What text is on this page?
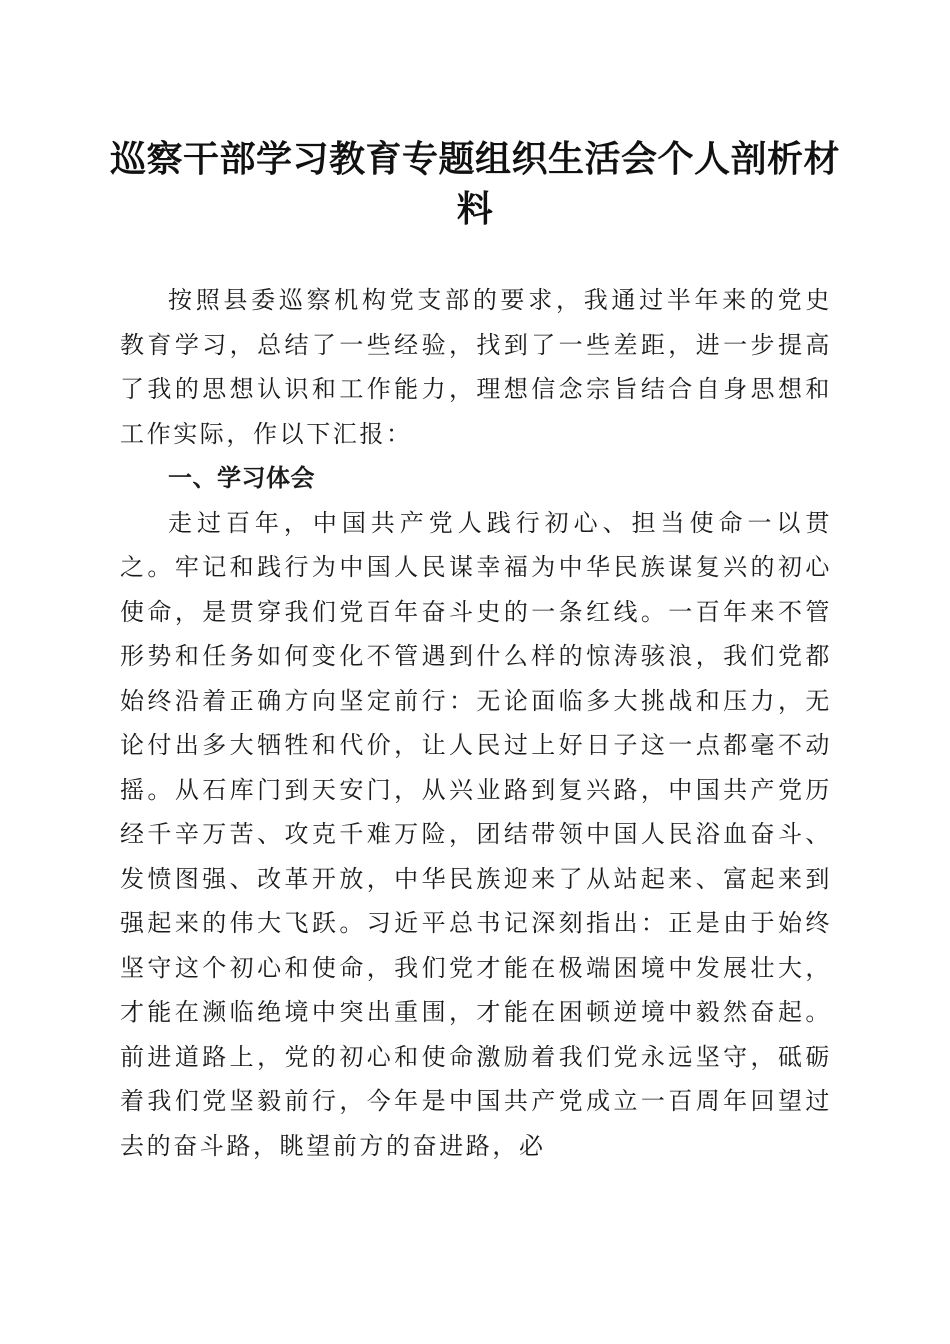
巡察干部学习教育专题组织生活会个人剖析材料

按照县委巡察机构党支部的要求，我通过半年来的党史教育学习，总结了一些经验，找到了一些差距，进一步提高了我的思想认识和工作能力，理想信念宗旨结合自身思想和工作实际，作以下汇报：

一、学习体会

走过百年，中国共产党人践行初心、担当使命一以贯之。牢记和践行为中国人民谋幸福为中华民族谋复兴的初心使命，是贯穿我们党百年奋斗史的一条红线。一百年来不管形势和任务如何变化不管遇到什么样的惊涛骇浪，我们党都始终沿着正确方向坚定前行：无论面临多大挑战和压力，无论付出多大牺牲和代价，让人民过上好日子这一点都毫不动摇。从石库门到天安门，从兴业路到复兴路，中国共产党历经千辛万苦、攻克千难万险，团结带领中国人民浴血奋斗、发愤图强、改革开放，中华民族迎来了从站起来、富起来到强起来的伟大飞跃。习近平总书记深刻指出：正是由于始终坚守这个初心和使命，我们党才能在极端困境中发展壮大，才能在濒临绝境中突出重围，才能在困顿逆境中毅然奋起。前进道路上，党的初心和使命激励着我们党永远坚守，砥砺着我们党坚毅前行，今年是中国共产党成立一百周年回望过去的奋斗路，眺望前方的奋进路，必
